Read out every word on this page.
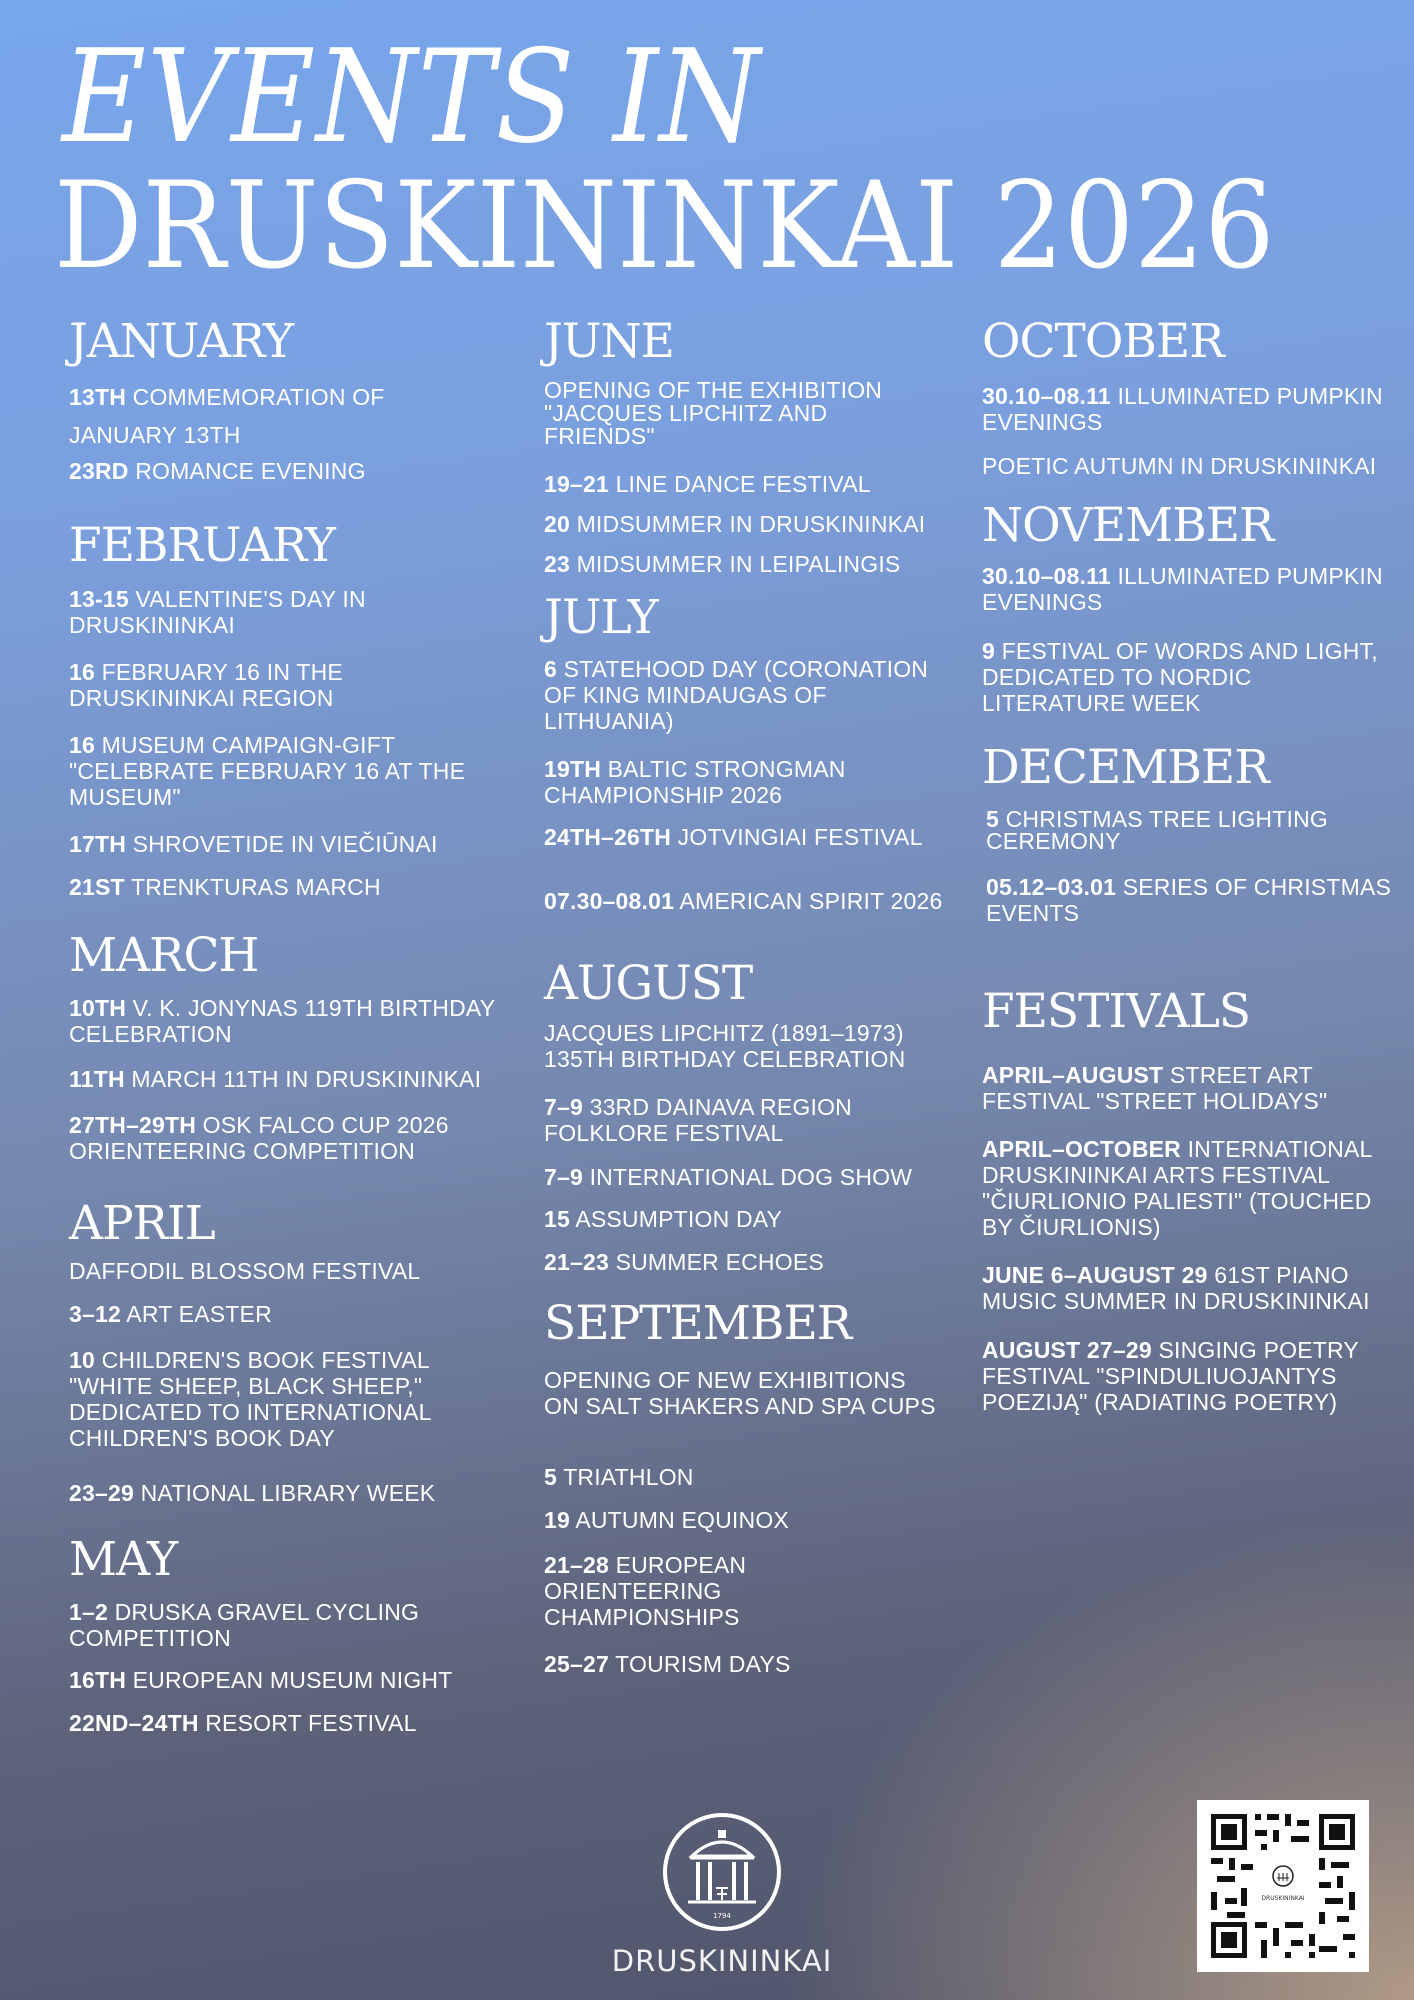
EVENTS IN
DRUSKININKAI 2026
JANUARY

13TH COMMEMORATION OF JANUARY 13TH

23RD ROMANCE EVENING

FEBRUARY

13-15 VALENTINE'S DAY IN DRUSKININKAI

16 FEBRUARY 16 IN THE DRUSKININKAI REGION

16 MUSEUM CAMPAIGN-GIFT "CELEBRATE FEBRUARY 16 AT THE MUSEUM"

17TH SHROVETIDE IN VIEČIŪNAI

21ST TRENKTURAS MARCH

MARCH

10TH V. K. JONYNAS 119TH BIRTHDAY CELEBRATION

11TH MARCH 11TH IN DRUSKININKAI

27TH–29TH OSK FALCO CUP 2026 ORIENTEERING COMPETITION

APRIL

DAFFODIL BLOSSOM FESTIVAL

3–12 ART EASTER

10 CHILDREN'S BOOK FESTIVAL "WHITE SHEEP, BLACK SHEEP," DEDICATED TO INTERNATIONAL CHILDREN'S BOOK DAY

23–29 NATIONAL LIBRARY WEEK

MAY

1–2 DRUSKA GRAVEL CYCLING COMPETITION

16TH EUROPEAN MUSEUM NIGHT

22ND–24TH RESORT FESTIVAL

JUNE

OPENING OF THE EXHIBITION "JACQUES LIPCHITZ AND FRIENDS"

19–21 LINE DANCE FESTIVAL

20 MIDSUMMER IN DRUSKININKAI

23 MIDSUMMER IN LEIPALINGIS

JULY

6 STATEHOOD DAY (CORONATION OF KING MINDAUGAS OF LITHUANIA)

19TH BALTIC STRONGMAN CHAMPIONSHIP 2026

24TH–26TH JOTVINGIAI FESTIVAL

07.30–08.01 AMERICAN SPIRIT 2026

AUGUST

JACQUES LIPCHITZ (1891–1973) 135TH BIRTHDAY CELEBRATION

7–9 33RD DAINAVA REGION FOLKLORE FESTIVAL

7–9 INTERNATIONAL DOG SHOW

15 ASSUMPTION DAY

21–23 SUMMER ECHOES

SEPTEMBER

OPENING OF NEW EXHIBITIONS ON SALT SHAKERS AND SPA CUPS

5 TRIATHLON

19 AUTUMN EQUINOX

21–28 EUROPEAN ORIENTEERING CHAMPIONSHIPS

25–27 TOURISM DAYS

OCTOBER

30.10–08.11 ILLUMINATED PUMPKIN EVENINGS

POETIC AUTUMN IN DRUSKININKAI

NOVEMBER

30.10–08.11 ILLUMINATED PUMPKIN EVENINGS

9 FESTIVAL OF WORDS AND LIGHT, DEDICATED TO NORDIC LITERATURE WEEK

DECEMBER

5 CHRISTMAS TREE LIGHTING CEREMONY

05.12–03.01 SERIES OF CHRISTMAS EVENTS

FESTIVALS

APRIL–AUGUST STREET ART FESTIVAL "STREET HOLIDAYS"

APRIL–OCTOBER INTERNATIONAL DRUSKININKAI ARTS FESTIVAL "ČIURLIONIO PALIESTI" (TOUCHED BY ČIURLIONIS)

JUNE 6–AUGUST 29 61ST PIANO MUSIC SUMMER IN DRUSKININKAI

AUGUST 27–29 SINGING POETRY FESTIVAL "SPINDULIUOJANTYS POEZIJĄ" (RADIATING POETRY)

1794
DRUSKININKAI
DRUSKININKAI
